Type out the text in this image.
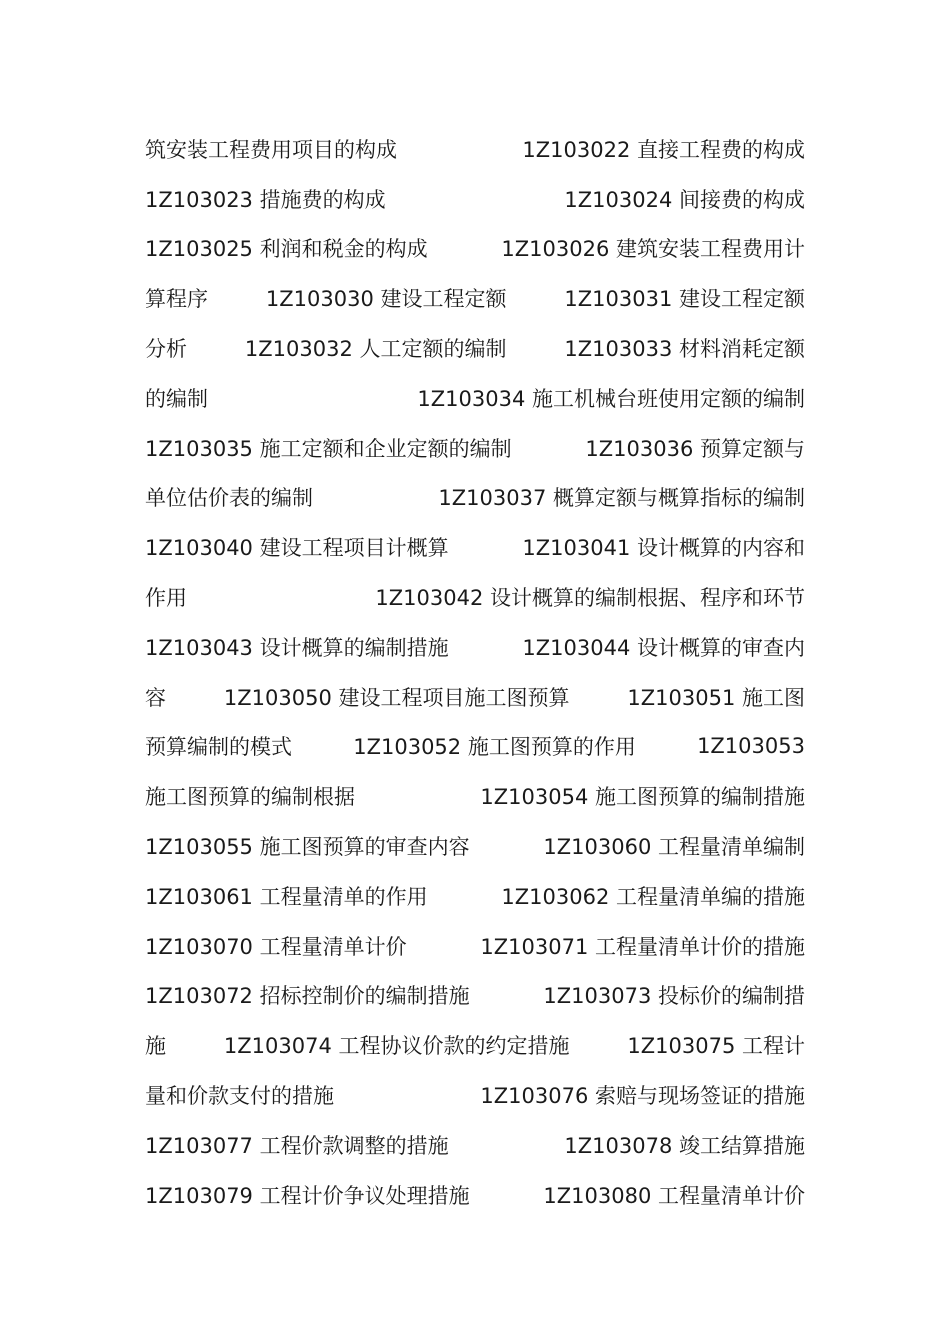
筑安装工程费用项目的构成	1Z103022 直接工程费的构成
1Z103023 措施费的构成	1Z103024 间接费的构成
1Z103025 利润和税金的构成	1Z103026 建筑安装工程费用计
算程序	1Z103030 建设工程定额	1Z103031 建设工程定额
分析	1Z103032 人工定额的编制	1Z103033 材料消耗定额
的编制	1Z103034 施工机械台班使用定额的编制
1Z103035 施工定额和企业定额的编制	1Z103036 预算定额与
单位估价表的编制	1Z103037 概算定额与概算指标的编制
1Z103040 建设工程项目计概算	1Z103041 设计概算的内容和
作用	1Z103042 设计概算的编制根据、程序和环节
1Z103043 设计概算的编制措施	1Z103044 设计概算的审查内
容	1Z103050 建设工程项目施工图预算	1Z103051 施工图
预算编制的模式	1Z103052 施工图预算的作用	1Z103053
施工图预算的编制根据	1Z103054 施工图预算的编制措施
1Z103055 施工图预算的审查内容	1Z103060 工程量清单编制
1Z103061 工程量清单的作用	1Z103062 工程量清单编的措施
1Z103070 工程量清单计价	1Z103071 工程量清单计价的措施
1Z103072 招标控制价的编制措施	1Z103073 投标价的编制措
施	1Z103074 工程协议价款的约定措施	1Z103075 工程计
量和价款支付的措施	1Z103076 索赔与现场签证的措施
1Z103077 工程价款调整的措施	1Z103078 竣工结算措施
1Z103079 工程计价争议处理措施	1Z103080 工程量清单计价
